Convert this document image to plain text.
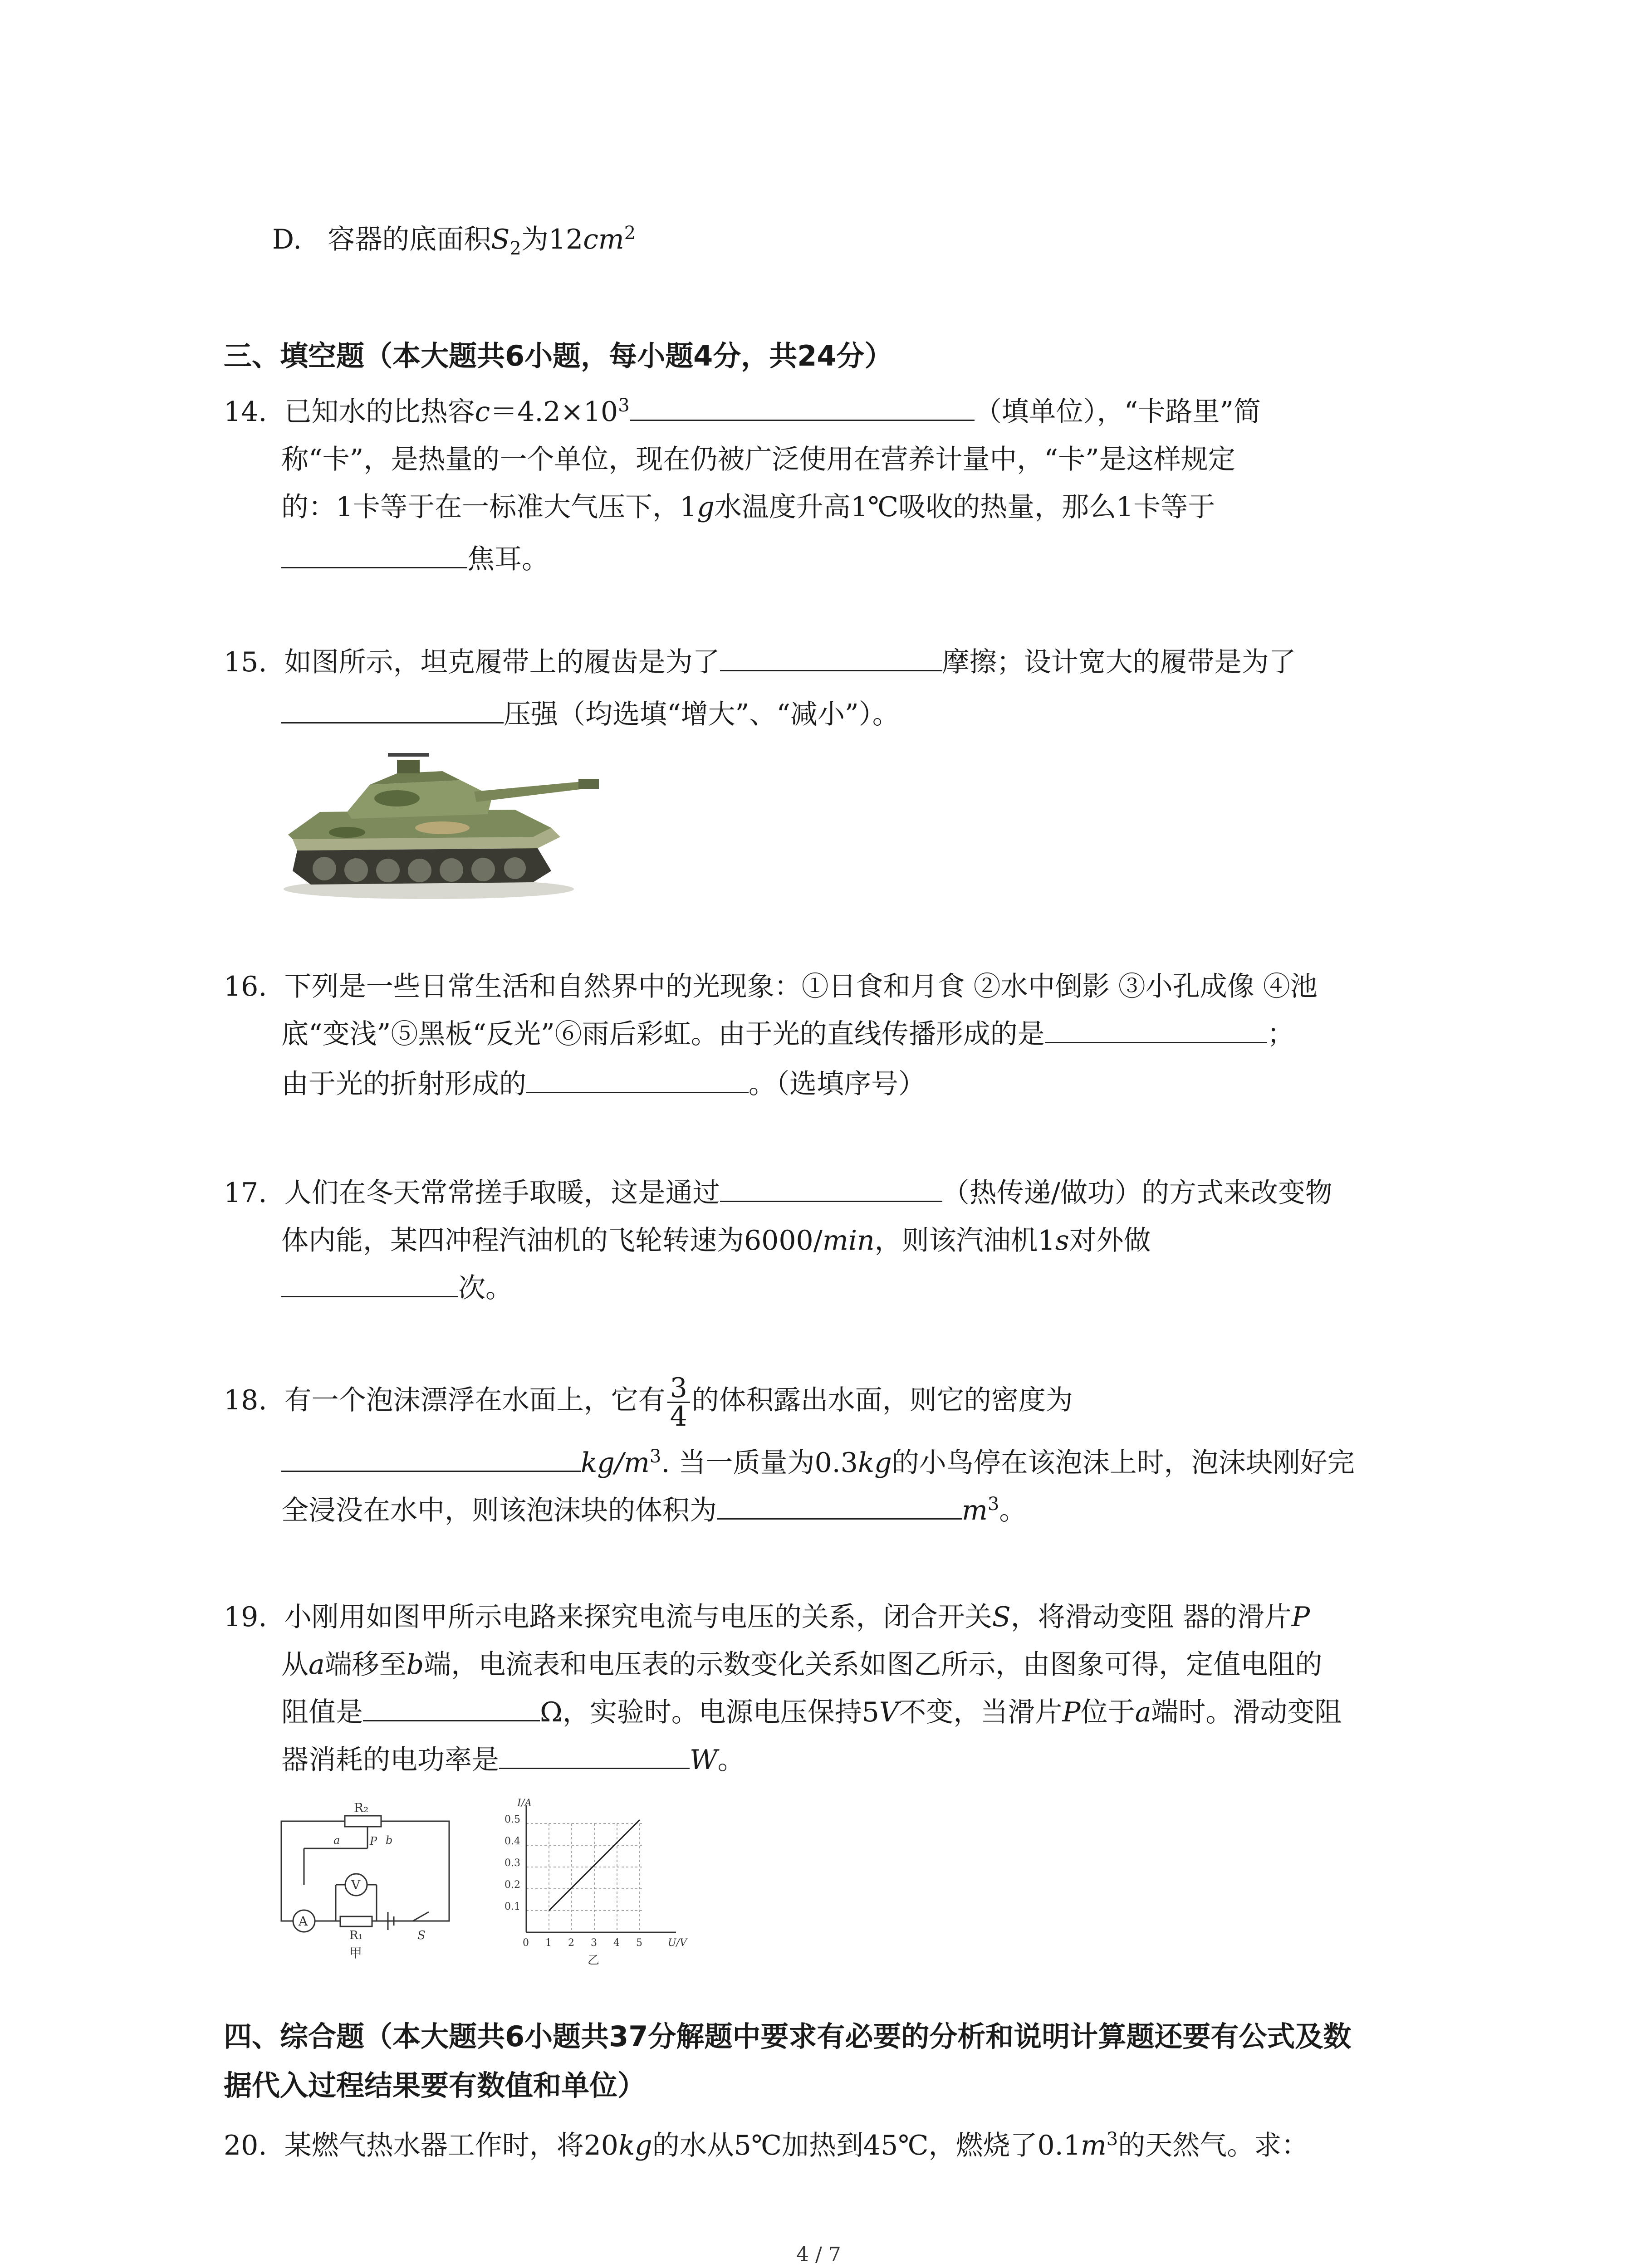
D. 容器的底面积$S_2$为$12cm^2$
三、填空题（本大题共6小题，每小题4分，共24分）
14. 已知水的比热容$c=4.2\times 10^3$	（填单位），“卡路里”简
称“卡”，是热量的一个单位，现在仍被广泛使用在营养计量中，“卡”是这样规定
的：1卡等于在一标准大气压下，1g水温度升高1℃吸收的热量，那么1卡等于
焦耳。
15. 如图所示，坦克履带上的履齿是为了	摩擦；设计宽大的履带是为了
压强（均选填“增大”、“减小”）。
16. 下列是一些日常生活和自然界中的光现象：①日食和月食 ②水中倒影 ③小孔成像 ④池
底“变浅”⑤黑板“反光”⑥雨后彩虹。由于光的直线传播形成的是	；
由于光的折射形成的	。（选填序号）
17. 人们在冬天常常搓手取暖，这是通过	（热传递/做功）的方式来改变物
体内能，某四冲程汽油机的飞轮转速为6000/min，则该汽油机1s对外做
次。
18. 有一个泡沫漂浮在水面上，它有 $\frac{3}{4}$ 的体积露出水面，则它的密度为
$kg/m^3$. 当一质量为0.3kg的小鸟停在该泡沫上时，泡沫块刚好完
全浸没在水中，则该泡沫块的体积为	$m^3$。
19. 小刚用如图甲所示电路来探究电流与电压的关系，闭合开关S，将滑动变阻 器的滑片P
从a端移至b端，电流表和电压表的示数变化关系如图乙所示，由图象可得，定值电阻的
阻值是	Ω，实验时。电源电压保持5V不变，当滑片P位于a端时。滑动变阻
器消耗的电功率是	W。
R₂
a	P b
V
A
R₁	S
甲
I/A
U/V
0.5
0.4
0.3
0.2
0.1
0 1 2 3 4 5
乙
四、综合题（本大题共6小题共37分解题中要求有必要的分析和说明计算题还要有公式及数
据代入过程结果要有数值和单位）
20. 某燃气热水器工作时，将20kg的水从5℃加热到45℃，燃烧了$0.1m^3$的天然气。求：
4 / 7
